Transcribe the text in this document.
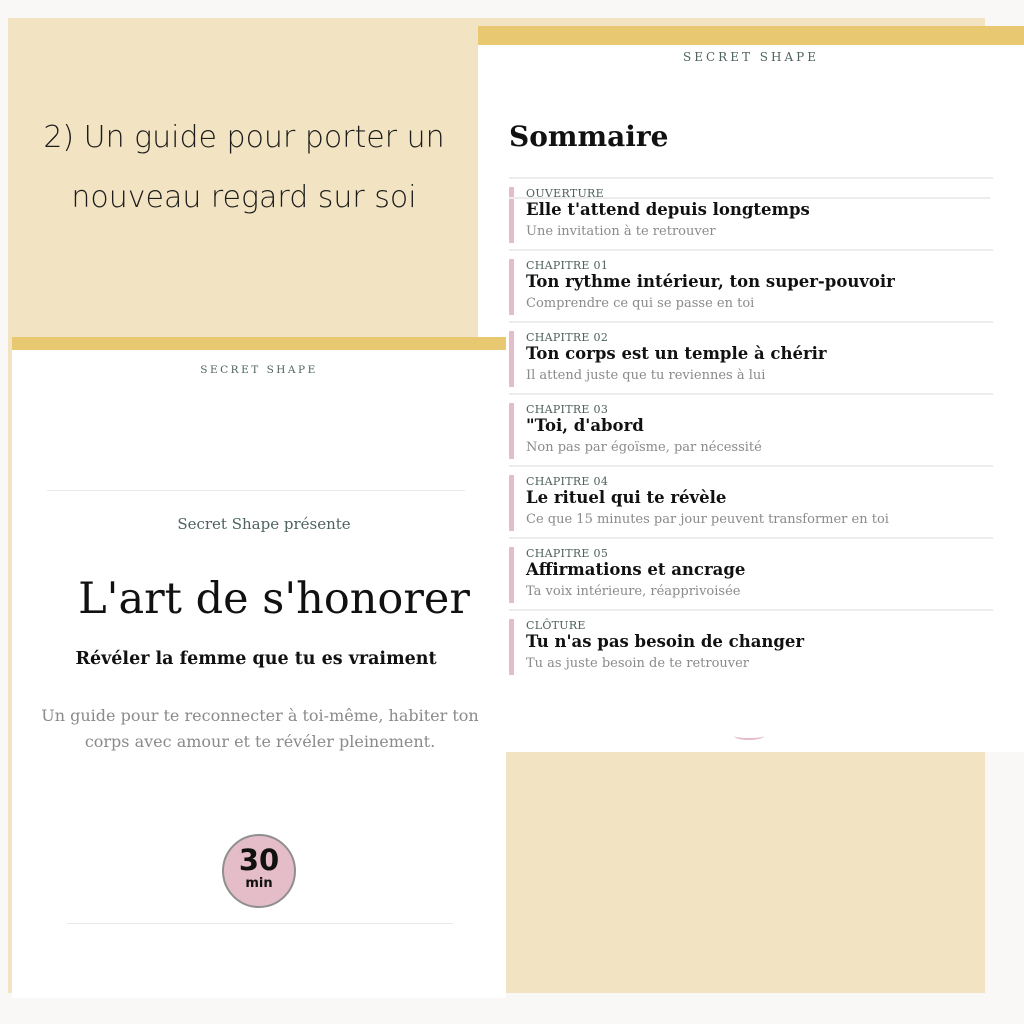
2) Un guide pour porter un
nouveau regard sur soi
SECRET SHAPE
Sommaire
OUVERTURE
Elle t'attend depuis longtemps
Une invitation à te retrouver
CHAPITRE 01
Ton rythme intérieur, ton super-pouvoir
Comprendre ce qui se passe en toi
CHAPITRE 02
Ton corps est un temple à chérir
Il attend juste que tu reviennes à lui
CHAPITRE 03
"Toi, d'abord
Non pas par égoïsme, par nécessité
CHAPITRE 04
Le rituel qui te révèle
Ce que 15 minutes par jour peuvent transformer en toi
CHAPITRE 05
Affirmations et ancrage
Ta voix intérieure, réapprivoisée
CLÔTURE
Tu n'as pas besoin de changer
Tu as juste besoin de te retrouver
SECRET SHAPE
Secret Shape présente
L'art de s'honorer
Révéler la femme que tu es vraiment
Un guide pour te reconnecter à toi-même, habiter ton corps avec amour et te révéler pleinement.
30
min
